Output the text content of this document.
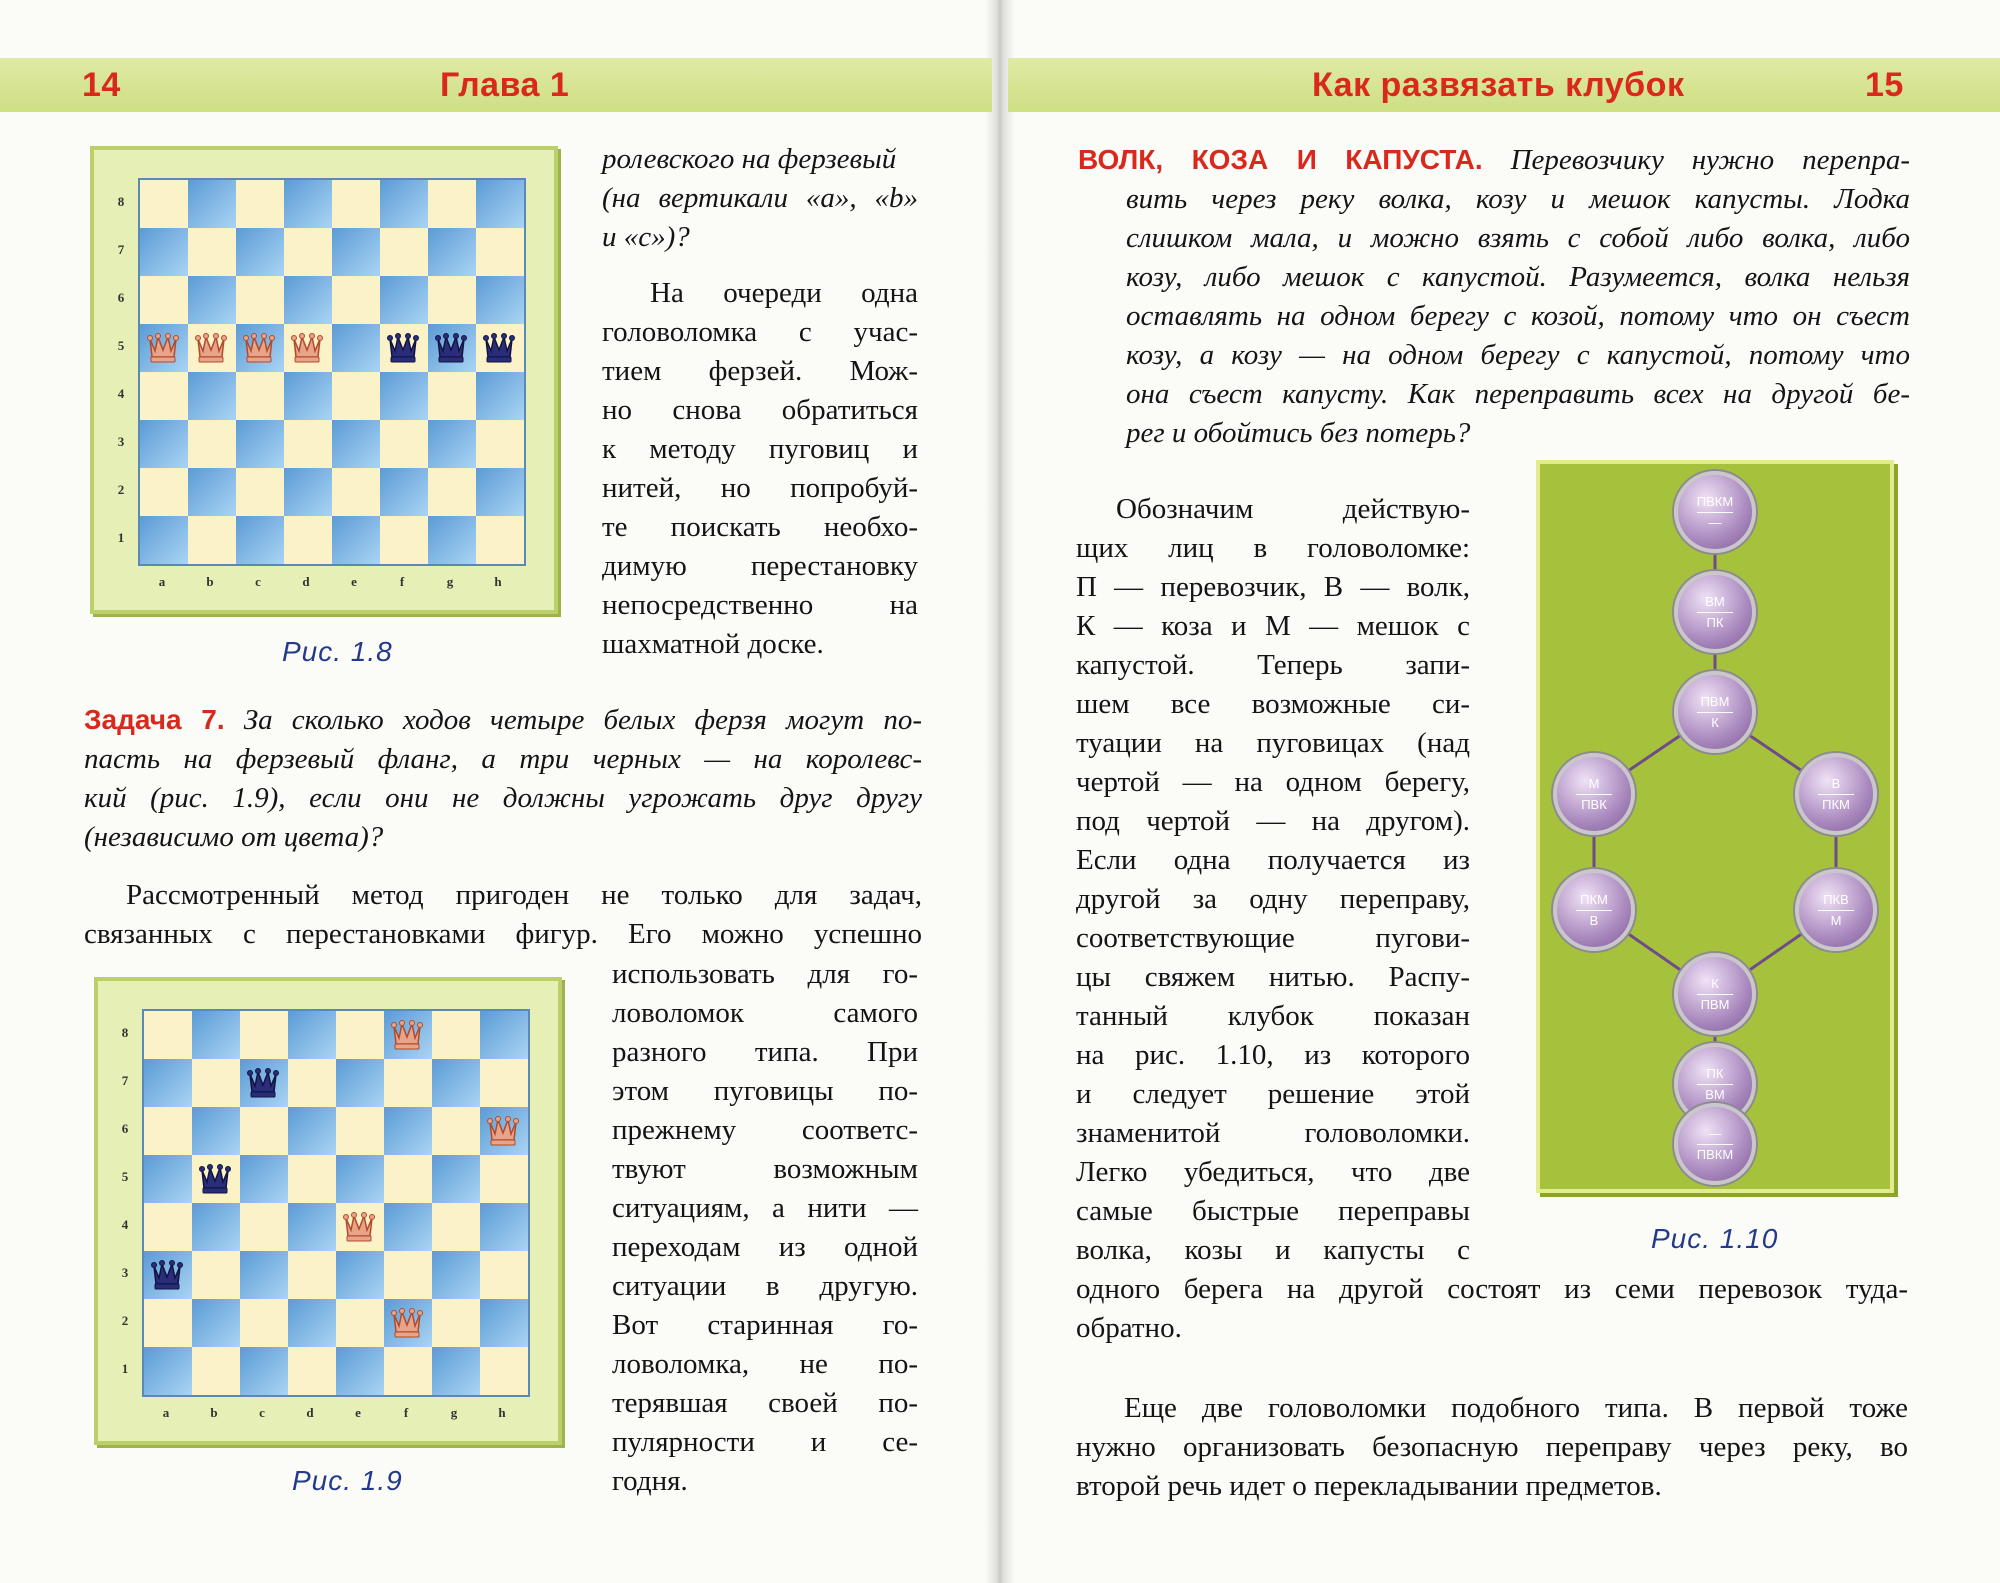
14	Глава 1	Как развязать клубок	15
8
7
6
5
4
3
2
1
a	b	c	d	e	f	g	h
Рис. 1.8
8
7
6
5
4
3
2
1
a	b	c	d	e	f	g	h
Рис. 1.9
ролевского на ферзевый
(на вертикали «a», «b»
и «c»)?
На очереди одна
головоломка с учас-
тием ферзей. Мож-
но снова обратиться
к методу пуговиц и
нитей, но попробуй-
те поискать необхо-
димую перестановку
непосредственно на
шахматной доске.
Задача 7. За сколько ходов четыре белых ферзя могут по-
пасть на ферзевый фланг, а три черных — на королевс-
кий (рис. 1.9), если они не должны угрожать друг другу
(независимо от цвета)?
Рассмотренный метод пригоден не только для задач,
связанных с перестановками фигур. Его можно успешно
использовать для го-
ловоломок самого
разного типа. При
этом пуговицы по-
прежнему соответс-
твуют возможным
ситуациям, а нити —
переходам из одной
ситуации в другую.
Вот старинная го-
ловоломка, не по-
терявшая своей по-
пулярности и се-
годня.
ВОЛК, КОЗА И КАПУСТА. Перевозчику нужно перепра-
вить через реку волка, козу и мешок капусты. Лодка
слишком мала, и можно взять с собой либо волка, либо
козу, либо мешок с капустой. Разумеется, волка нельзя
оставлять на одном берегу с козой, потому что он съест
козу, а козу — на одном берегу с капустой, потому что
она съест капусту. Как переправить всех на другой бе-
рег и обойтись без потерь?
Обозначим действую-
щих лиц в головоломке:
П — перевозчик, В — волк,
К — коза и М — мешок с
капустой. Теперь запи-
шем все возможные си-
туации на пуговицах (над
чертой — на одном берегу,
под чертой — на другом).
Если одна получается из
другой за одну переправу,
соответствующие пугови-
цы свяжем нитью. Распу-
танный клубок показан
на рис. 1.10, из которого
и следует решение этой
знаменитой головоломки.
Легко убедиться, что две
самые быстрые переправы
волка, козы и капусты с
одного берега на другой состоят из семи перевозок туда-
обратно.
Еще две головоломки подобного типа. В первой тоже
нужно организовать безопасную переправу через реку, во
второй речь идет о перекладывании предметов.
ПВКМ
—
ВМ
ПК
ПВМ
К
М
ПВК
В
ПКМ
ПКМ
В
ПКВ
М
К
ПВМ
ПК
ВМ
—
ПВКМ
Рис. 1.10
